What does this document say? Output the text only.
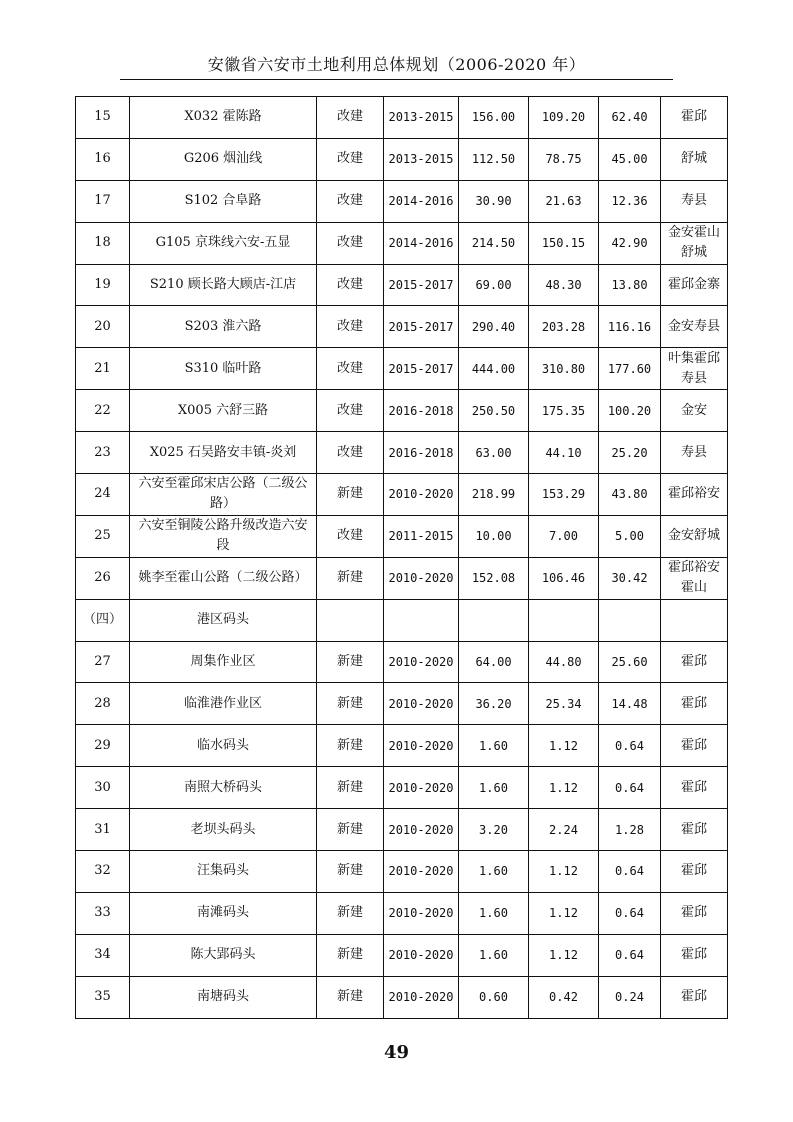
安徽省六安市土地利用总体规划（2006-2020 年）
15	X032 霍陈路	改建	2013-2015	156.00	109.20	62.40	霍邱
16	G206 烟汕线	改建	2013-2015	112.50	78.75	45.00	舒城
17	S102 合阜路	改建	2014-2016	30.90	21.63	12.36	寿县
18	G105 京珠线六安-五显	改建	2014-2016	214.50	150.15	42.90	金安霍山舒城
19	S210 顾长路大顾店-江店	改建	2015-2017	69.00	48.30	13.80	霍邱金寨
20	S203 淮六路	改建	2015-2017	290.40	203.28	116.16	金安寿县
21	S310 临叶路	改建	2015-2017	444.00	310.80	177.60	叶集霍邱寿县
22	X005 六舒三路	改建	2016-2018	250.50	175.35	100.20	金安
23	X025 石吴路安丰镇-炎刘	改建	2016-2018	63.00	44.10	25.20	寿县
24	六安至霍邱宋店公路（二级公路）	新建	2010-2020	218.99	153.29	43.80	霍邱裕安
25	六安至铜陵公路升级改造六安段	改建	2011-2015	10.00	7.00	5.00	金安舒城
26	姚李至霍山公路（二级公路）	新建	2010-2020	152.08	106.46	30.42	霍邱裕安霍山
（四）	港区码头						
27	周集作业区	新建	2010-2020	64.00	44.80	25.60	霍邱
28	临淮港作业区	新建	2010-2020	36.20	25.34	14.48	霍邱
29	临水码头	新建	2010-2020	1.60	1.12	0.64	霍邱
30	南照大桥码头	新建	2010-2020	1.60	1.12	0.64	霍邱
31	老坝头码头	新建	2010-2020	3.20	2.24	1.28	霍邱
32	汪集码头	新建	2010-2020	1.60	1.12	0.64	霍邱
33	南滩码头	新建	2010-2020	1.60	1.12	0.64	霍邱
34	陈大郢码头	新建	2010-2020	1.60	1.12	0.64	霍邱
35	南塘码头	新建	2010-2020	0.60	0.42	0.24	霍邱
49
